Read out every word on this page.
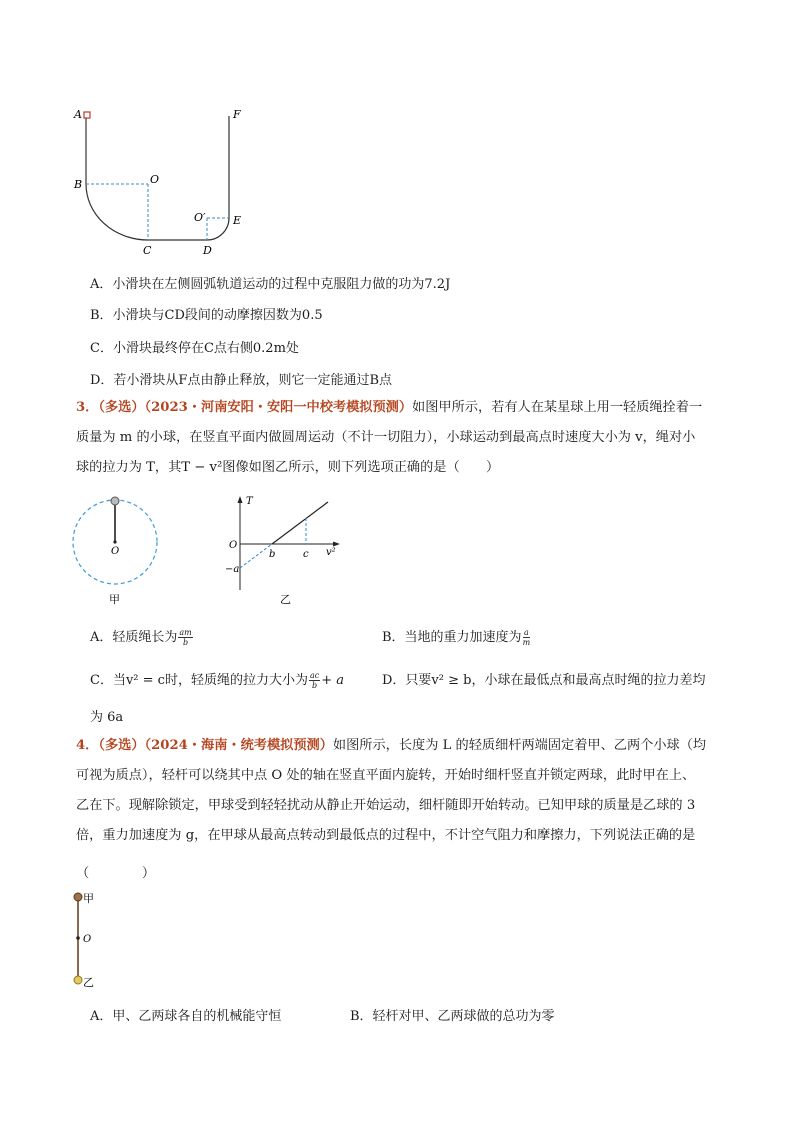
A	F
B	O
O′ E
C	D
A．小滑块在左侧圆弧轨道运动的过程中克服阻力做的功为7.2J
B．小滑块与CD段间的动摩擦因数为0.5
C．小滑块最终停在C点右侧0.2m处
D．若小滑块从F点由静止释放，则它一定能通过B点
3．（多选）（2023・河南安阳・安阳一中校考模拟预测）如图甲所示，若有人在某星球上用一轻质绳拴着一
质量为 m 的小球，在竖直平面内做圆周运动（不计一切阻力），小球运动到最高点时速度大小为 v，绳对小
球的拉力为 T，其T − v²图像如图乙所示，则下列选项正确的是（　　）
O
甲
T
O
−a
b	c v²
乙
A．轻质绳长为 $\frac{am}{b}$	B．当地的重力加速度为 $\frac{a}{m}$
C．当v² = c时，轻质绳的拉力大小为 $\frac{ac}{b} + a$	D．只要v² ≥ b，小球在最低点和最高点时绳的拉力差均
为 6a
4．（多选）（2024・海南・统考模拟预测）如图所示，长度为 L 的轻质细杆两端固定着甲、乙两个小球（均
可视为质点），轻杆可以绕其中点 O 处的轴在竖直平面内旋转，开始时细杆竖直并锁定两球，此时甲在上、
乙在下。现解除锁定，甲球受到轻轻扰动从静止开始运动，细杆随即开始转动。已知甲球的质量是乙球的 3
倍，重力加速度为 g，在甲球从最高点转动到最低点的过程中，不计空气阻力和摩擦力，下列说法正确的是
（　　　　）
甲
O
乙
A．甲、乙两球各自的机械能守恒	B．轻杆对甲、乙两球做的总功为零
